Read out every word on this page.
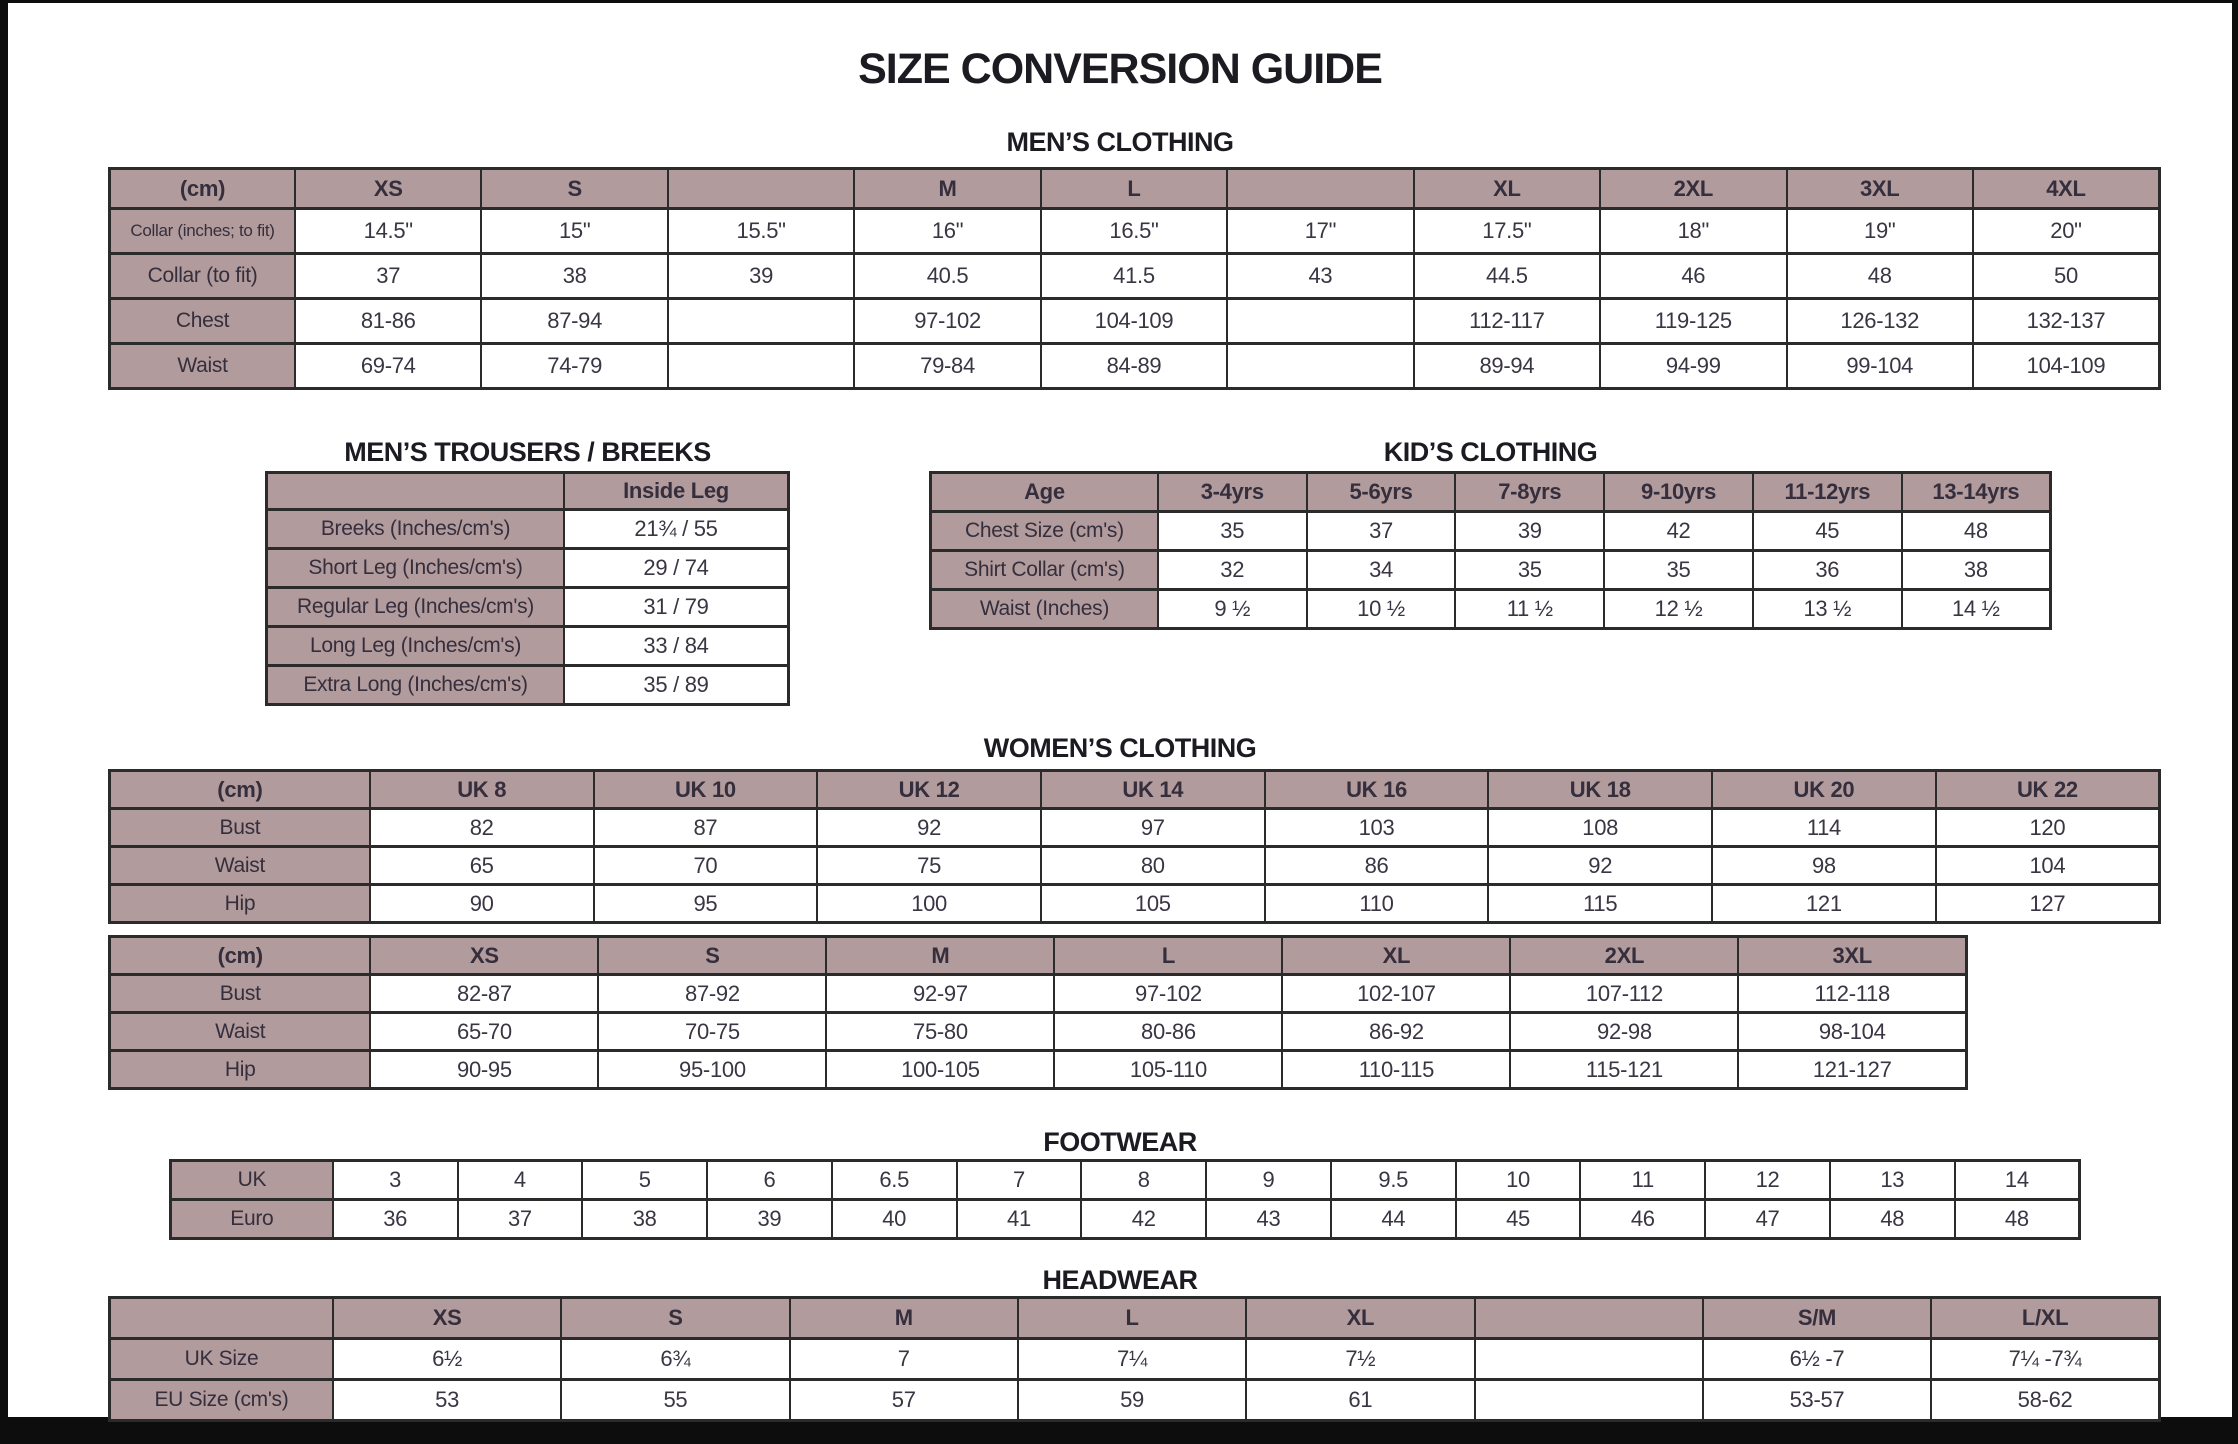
SIZE CONVERSION GUIDE
MEN’S CLOTHING
(cm)	XS	S		M	L		XL	2XL	3XL	4XL
Collar (inches; to fit)	14.5"	15"	15.5"	16"	16.5"	17"	17.5"	18"	19"	20"
Collar (to fit)	37	38	39	40.5	41.5	43	44.5	46	48	50
Chest	81-86	87-94		97-102	104-109		112-117	119-125	126-132	132-137
Waist	69-74	74-79		79-84	84-89		89-94	94-99	99-104	104-109
MEN’S TROUSERS / BREEKS
	Inside Leg
Breeks (Inches/cm's)	21¾ / 55
Short Leg (Inches/cm's)	29 / 74
Regular Leg (Inches/cm's)	31 / 79
Long Leg (Inches/cm's)	33 / 84
Extra Long (Inches/cm's)	35 / 89
KID’S CLOTHING
Age	3-4yrs	5-6yrs	7-8yrs	9-10yrs	11-12yrs	13-14yrs
Chest Size (cm's)	35	37	39	42	45	48
Shirt Collar (cm's)	32	34	35	35	36	38
Waist (Inches)	9 ½	10 ½	11 ½	12 ½	13 ½	14 ½
WOMEN’S CLOTHING
(cm)	UK 8	UK 10	UK 12	UK 14	UK 16	UK 18	UK 20	UK 22
Bust	82	87	92	97	103	108	114	120
Waist	65	70	75	80	86	92	98	104
Hip	90	95	100	105	110	115	121	127
(cm)	XS	S	M	L	XL	2XL	3XL
Bust	82-87	87-92	92-97	97-102	102-107	107-112	112-118
Waist	65-70	70-75	75-80	80-86	86-92	92-98	98-104
Hip	90-95	95-100	100-105	105-110	110-115	115-121	121-127
FOOTWEAR
UK	3	4	5	6	6.5	7	8	9	9.5	10	11	12	13	14
Euro	36	37	38	39	40	41	42	43	44	45	46	47	48	48
HEADWEAR
	XS	S	M	L	XL		S/M	L/XL
UK Size	6½	6¾	7	7¼	7½		6½ -7	7¼ -7¾
EU Size (cm's)	53	55	57	59	61		53-57	58-62
